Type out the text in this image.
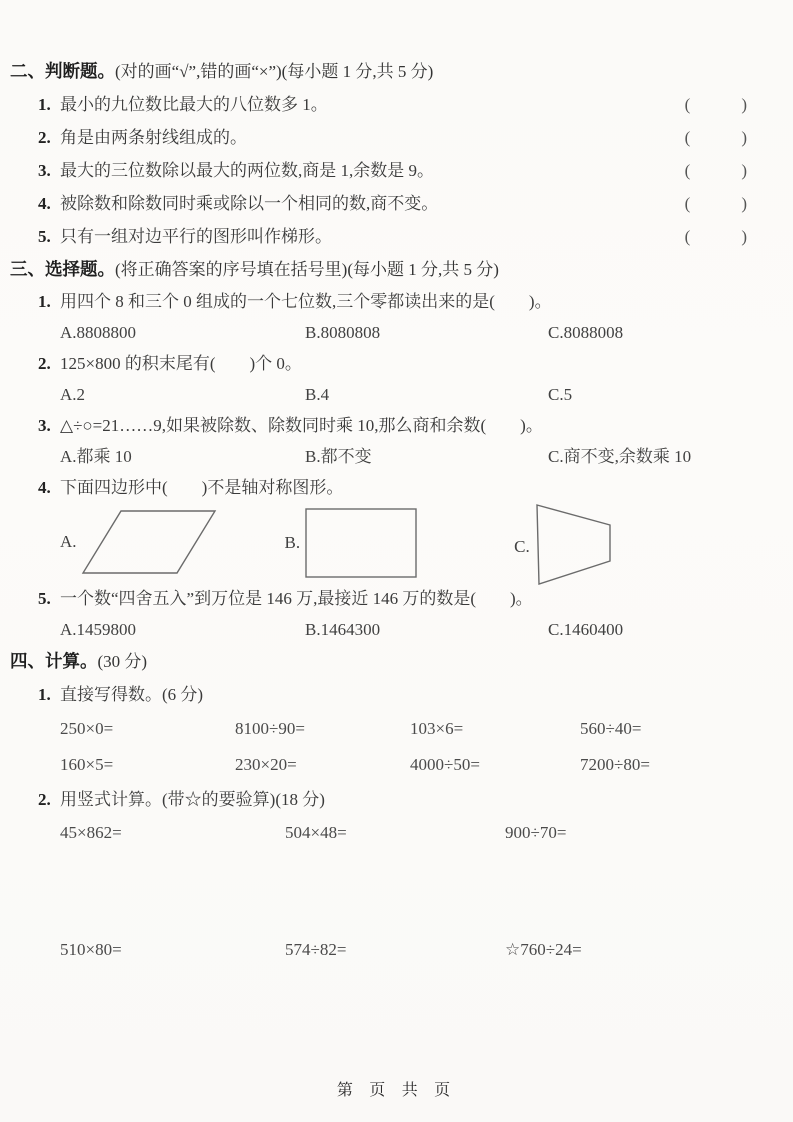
二、判断题。(对的画“√”,错的画“×”)(每小题 1 分,共 5 分)
1. 最小的九位数比最大的八位数多 1。	(　　　)
2. 角是由两条射线组成的。	(　　　)
3. 最大的三位数除以最大的两位数,商是 1,余数是 9。	(　　　)
4. 被除数和除数同时乘或除以一个相同的数,商不变。	(　　　)
5. 只有一组对边平行的图形叫作梯形。	(　　　)
三、选择题。(将正确答案的序号填在括号里)(每小题 1 分,共 5 分)
1. 用四个 8 和三个 0 组成的一个七位数,三个零都读出来的是(　　)。
A.8808800	B.8080808	C.8088008
2. 125×800 的积末尾有(　　)个 0。
A.2	B.4	C.5
3. △÷○=21……9,如果被除数、除数同时乘 10,那么商和余数(　　)。
A.都乘 10	B.都不变	C.商不变,余数乘 10
4. 下面四边形中(　　)不是轴对称图形。
A.	B.	C.
5. 一个数“四舍五入”到万位是 146 万,最接近 146 万的数是(　　)。
A.1459800	B.1464300	C.1460400
四、计算。(30 分)
1. 直接写得数。(6 分)
250×0=	8100÷90=	103×6=	560÷40=
160×5=	230×20=	4000÷50=	7200÷80=
2. 用竖式计算。(带☆的要验算)(18 分)
45×862=	504×48=	900÷70=
510×80=	574÷82=	☆760÷24=
第 页 共 页
